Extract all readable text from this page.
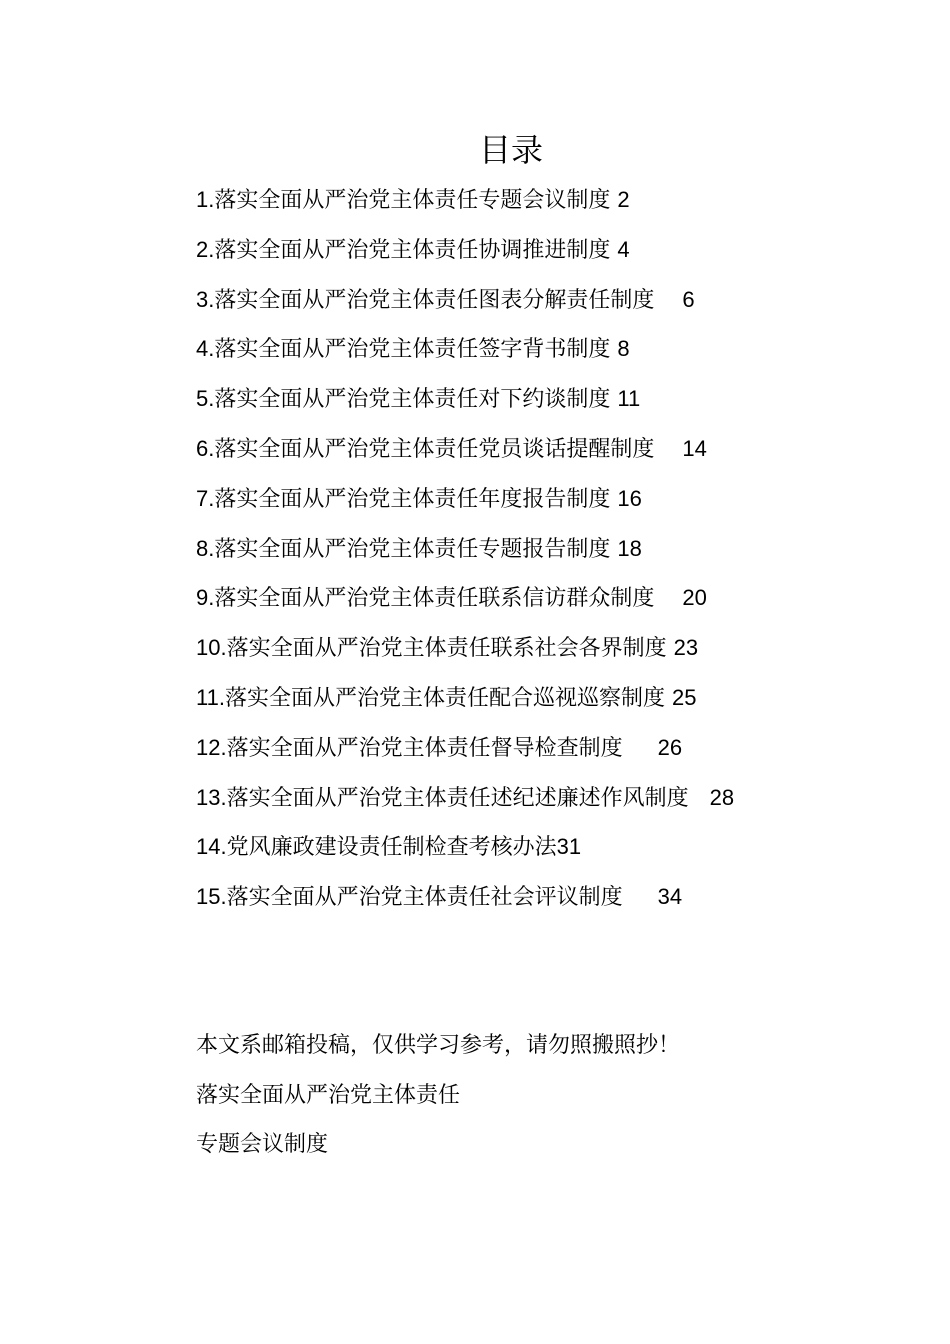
目录
1.落实全面从严治党主体责任专题会议制度 2
2.落实全面从严治党主体责任协调推进制度 4
3.落实全面从严治党主体责任图表分解责任制度 6
4.落实全面从严治党主体责任签字背书制度 8
5.落实全面从严治党主体责任对下约谈制度 11
6.落实全面从严治党主体责任党员谈话提醒制度 14
7.落实全面从严治党主体责任年度报告制度 16
8.落实全面从严治党主体责任专题报告制度 18
9.落实全面从严治党主体责任联系信访群众制度 20
10.落实全面从严治党主体责任联系社会各界制度 23
11.落实全面从严治党主体责任配合巡视巡察制度 25
12.落实全面从严治党主体责任督导检查制度 26
13.落实全面从严治党主体责任述纪述廉述作风制度 28
14.党风廉政建设责任制检查考核办法31
15.落实全面从严治党主体责任社会评议制度 34
本文系邮箱投稿，仅供学习参考，请勿照搬照抄！
落实全面从严治党主体责任
专题会议制度
